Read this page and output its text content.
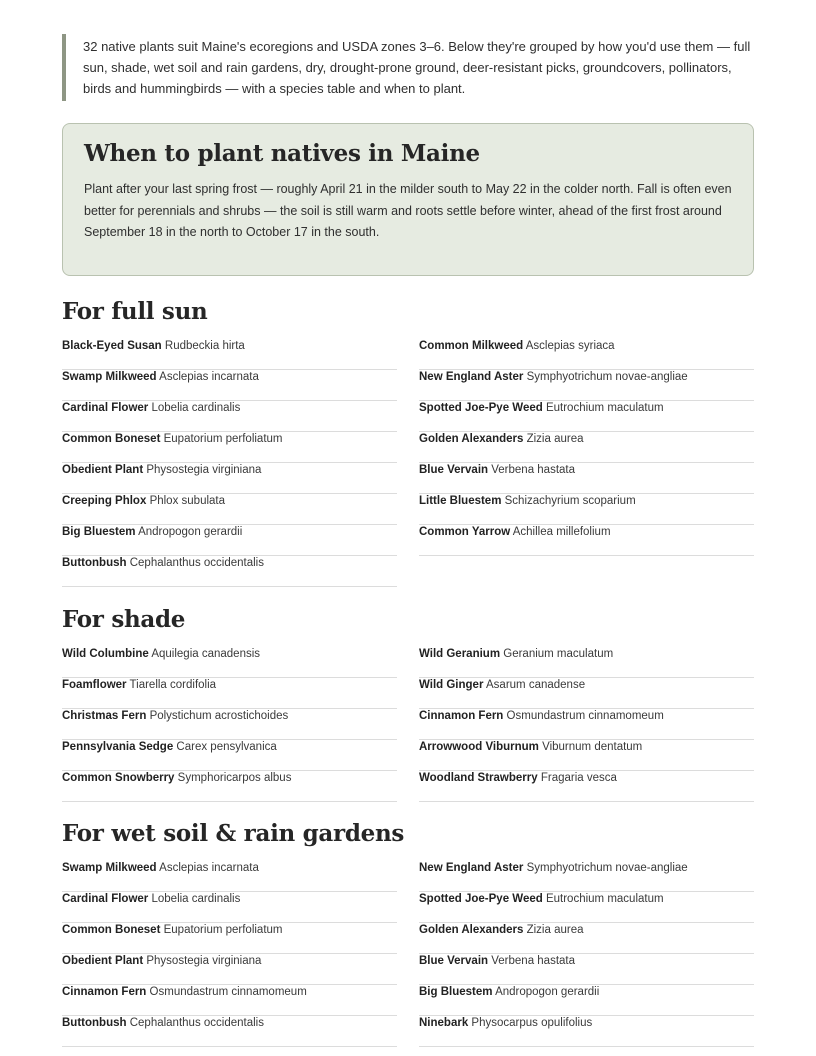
32 native plants suit Maine's ecoregions and USDA zones 3–6. Below they're grouped by how you'd use them — full sun, shade, wet soil and rain gardens, dry, drought-prone ground, deer-resistant picks, groundcovers, pollinators, birds and hummingbirds — with a species table and when to plant.
When to plant natives in Maine

Plant after your last spring frost — roughly April 21 in the milder south to May 22 in the colder north. Fall is often even better for perennials and shrubs — the soil is still warm and roots settle before winter, ahead of the first frost around September 18 in the north to October 17 in the south.

For full sun
Black-Eyed Susan Rudbeckia hirta
Swamp Milkweed Asclepias incarnata
Cardinal Flower Lobelia cardinalis
Common Boneset Eupatorium perfoliatum
Obedient Plant Physostegia virginiana
Creeping Phlox Phlox subulata
Big Bluestem Andropogon gerardii
Buttonbush Cephalanthus occidentalis
Common Milkweed Asclepias syriaca
New England Aster Symphyotrichum novae-angliae
Spotted Joe-Pye Weed Eutrochium maculatum
Golden Alexanders Zizia aurea
Blue Vervain Verbena hastata
Little Bluestem Schizachyrium scoparium
Common Yarrow Achillea millefolium
For shade
Wild Columbine Aquilegia canadensis
Foamflower Tiarella cordifolia
Christmas Fern Polystichum acrostichoides
Pennsylvania Sedge Carex pensylvanica
Common Snowberry Symphoricarpos albus
Wild Geranium Geranium maculatum
Wild Ginger Asarum canadense
Cinnamon Fern Osmundastrum cinnamomeum
Arrowwood Viburnum Viburnum dentatum
Woodland Strawberry Fragaria vesca
For wet soil & rain gardens
Swamp Milkweed Asclepias incarnata
Cardinal Flower Lobelia cardinalis
Common Boneset Eupatorium perfoliatum
Obedient Plant Physostegia virginiana
Cinnamon Fern Osmundastrum cinnamomeum
Buttonbush Cephalanthus occidentalis
New England Aster Symphyotrichum novae-angliae
Spotted Joe-Pye Weed Eutrochium maculatum
Golden Alexanders Zizia aurea
Blue Vervain Verbena hastata
Big Bluestem Andropogon gerardii
Ninebark Physocarpus opulifolius
